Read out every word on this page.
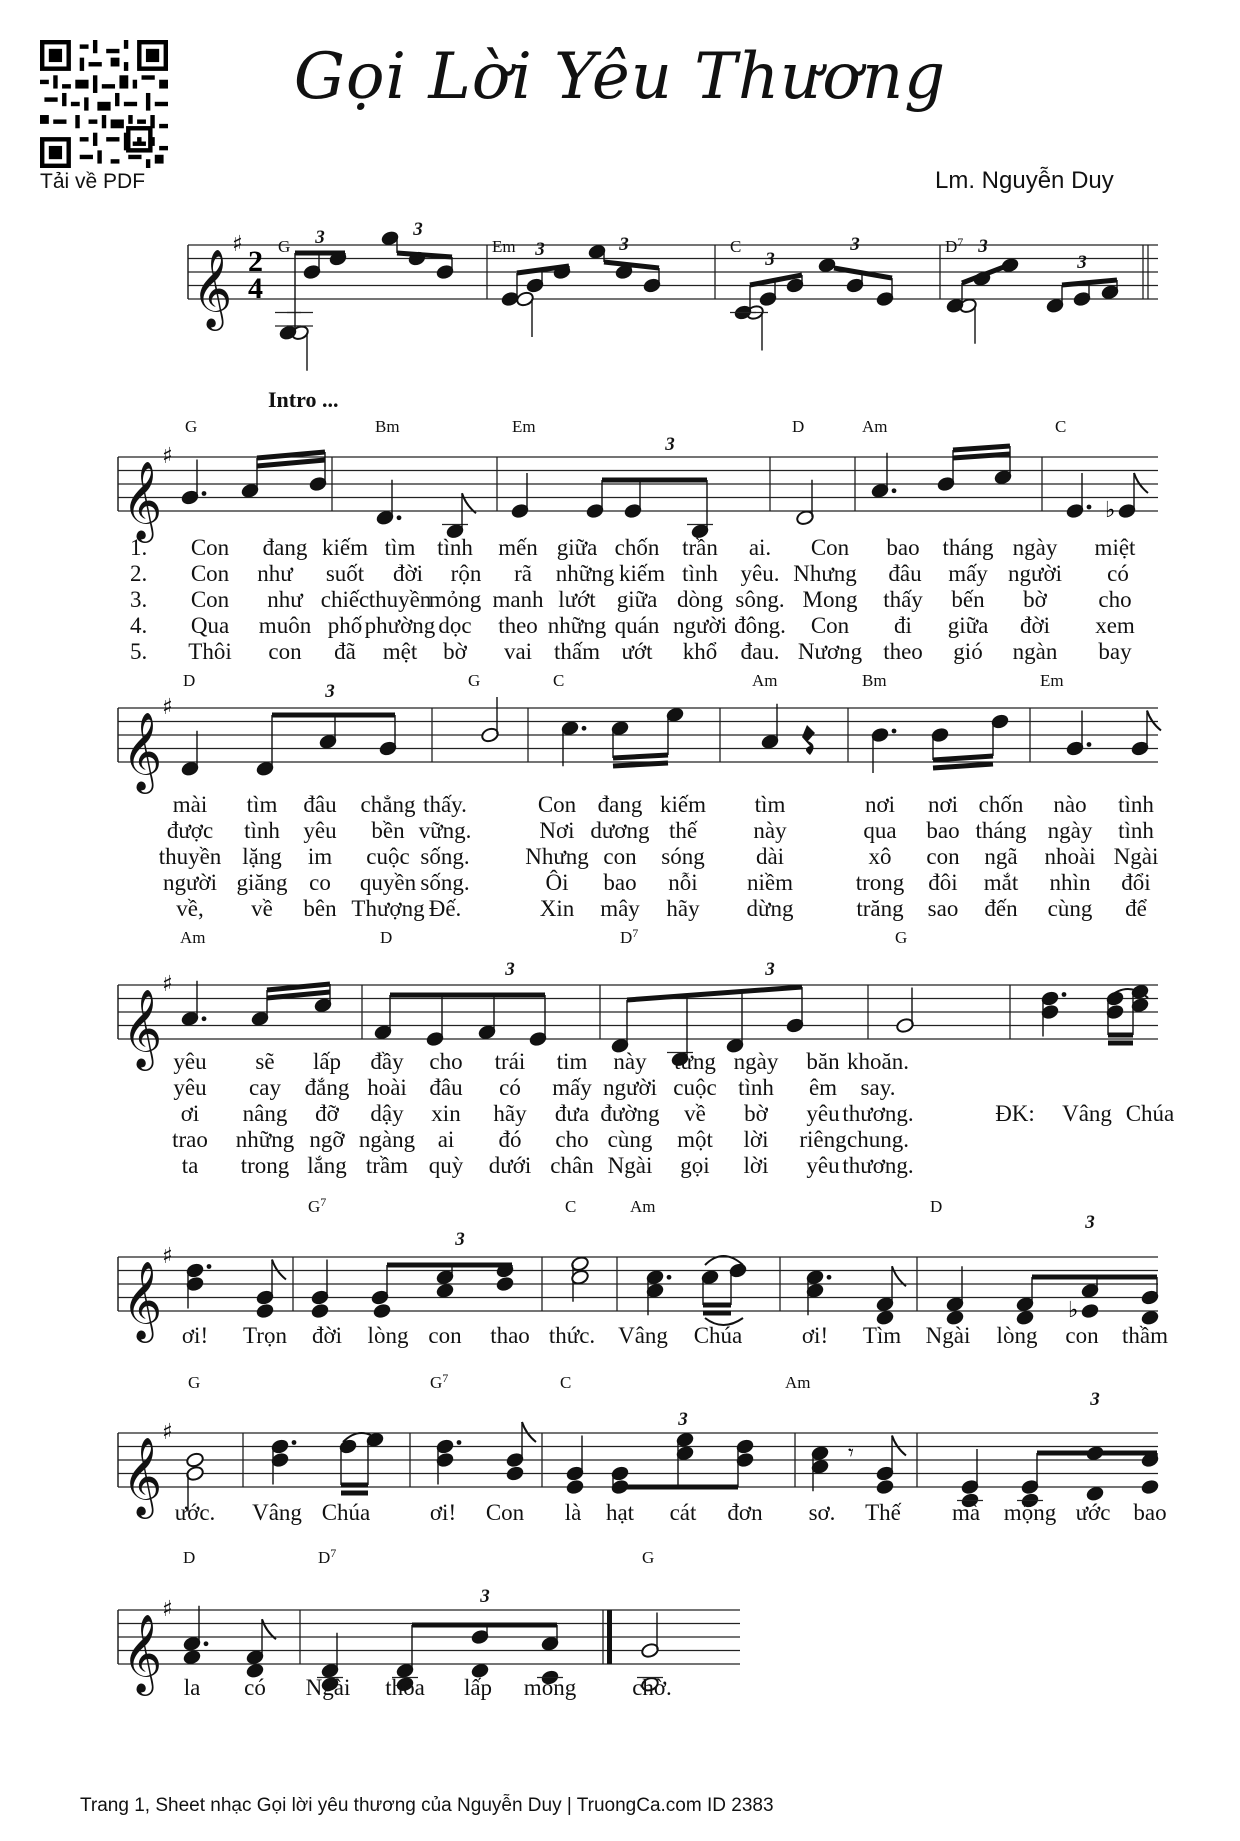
Tải về PDF
Gọi Lời Yêu Thương
Lm. Nguyễn Duy
𝄞
♯
2
4
𝄞
♯
𝄞
♯
𝄞
♯
𝄞
♯
𝄞
♯
𝄞
♯
3	3
3	3
3
3	3
3
Intro ...
3
♭
3
3	3
3
3
♭
3
𝄾
3
3
G	Em	C	$D^7$
G	Bm	Em	D	Am	C
D	G	C	Am	Bm	Em
Am	D	$D^7$	G
$G^7$	C	Am	D
G	$G^7$	C	Am
D	$D^7$	G
1. Con đang kiếm tìm tình mến giữa chốn trần ai. Con bao tháng ngày miệt
mài tìm đâu chẳng thấy.	Con đang kiếm tìm	nơi nơi chốn nào tình
yêu sẽ lấp đầy cho trái tim này từng ngày băn khoăn.
2. Con như suốt đời rộn rã những kiếm tình yêu. Nhưng đâu mấy người có
được tình yêu bền vững.	Nơi dương thế này	qua bao tháng ngày tình
yêu cay đắng hoài đâu có mấy người cuộc tình êm say.
3. Con như chiếc thuyền
mỏng manh lướt giữa dòng sông. Mong thấy bến bờ cho
thuyền lặng im cuộc sống. Nhưng con sóng dài	xô con ngã nhoài Ngài
ơi nâng đỡ dậy xin hãy đưa đường về bờ yêu thương.	ĐK: Vâng Chúa
4. Qua muôn phố phường dọc theo những quán người đông. Con đi giữa đời xem
người giăng co quyền sống.	Ôi bao nỗi niềm	trong đôi mắt nhìn đổi
trao những ngỡ ngàng ai đó cho cùng một lời riêng chung.
5. Thôi con đã mệt bờ vai thấm ướt khổ đau. Nương theo gió ngàn bay
về, về bên Thượng Đế.	Xin mây hãy dừng	trăng sao đến cùng để
ta trong lắng trầm quỳ dưới chân Ngài gọi lời yêu thương.
ơi! Trọn đời lòng con thao thức. Vâng Chúa	ơi! Tìm Ngài lòng con thầm
ước. Vâng Chúa	ơi! Con là hạt cát đơn sơ. Thế mà mộng ước bao
la có Ngài thỏa lấp mong chờ.
Trang 1, Sheet nhạc Gọi lời yêu thương của Nguyễn Duy | TruongCa.com ID 2383
